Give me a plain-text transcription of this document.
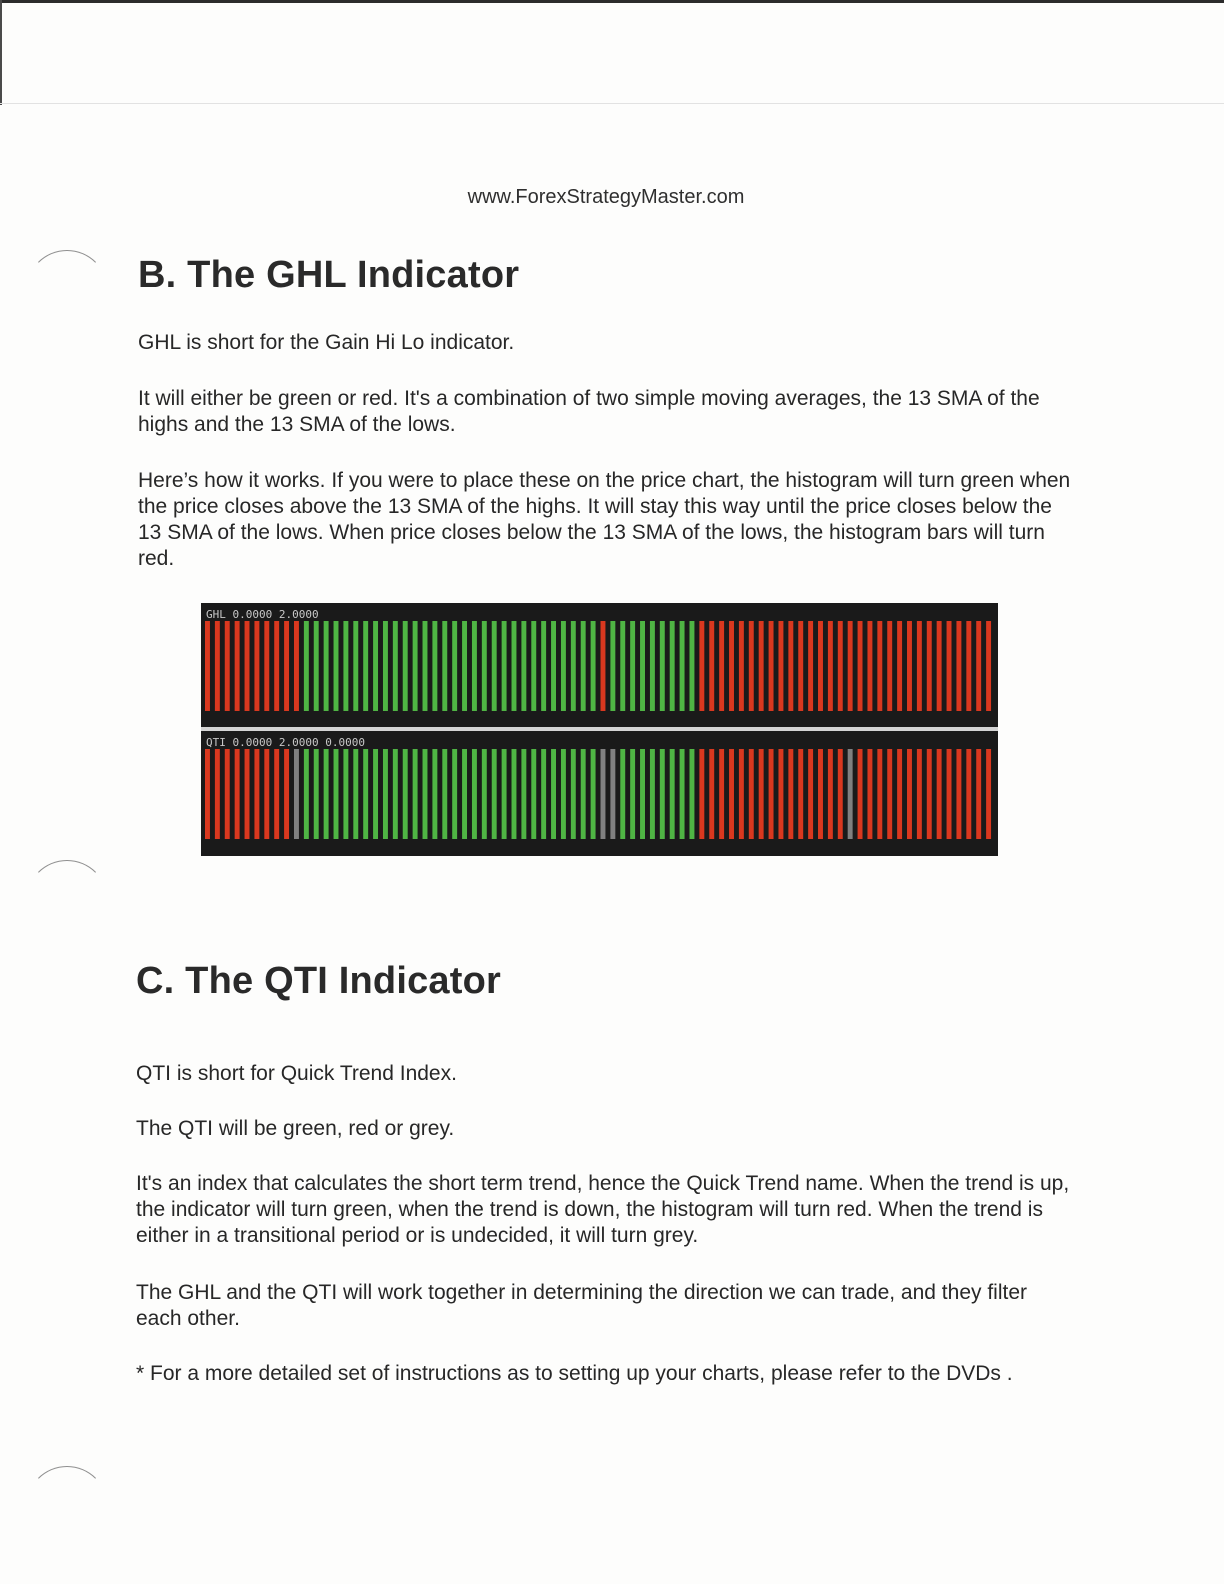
www.ForexStrategyMaster.com
B. The GHL Indicator

GHL is short for the Gain Hi Lo indicator.

It will either be green or red. It's a combination of two simple moving averages, the 13 SMA of the highs and the 13 SMA of the lows.

Here’s how it works. If you were to place these on the price chart, the histogram will turn green when the price closes above the 13 SMA of the highs. It will stay this way until the price closes below the 13 SMA of the lows. When price closes below the 13 SMA of the lows, the histogram bars will turn red.

GHL 0.0000 2.0000
QTI 0.0000 2.0000 0.0000
C. The QTI Indicator

QTI is short for Quick Trend Index.

The QTI will be green, red or grey.

It's an index that calculates the short term trend, hence the Quick Trend name. When the trend is up, the indicator will turn green, when the trend is down, the histogram will turn red. When the trend is either in a transitional period or is undecided, it will turn grey.

The GHL and the QTI will work together in determining the direction we can trade, and they filter each other.

* For a more detailed set of instructions as to setting up your charts, please refer to the DVDs .
